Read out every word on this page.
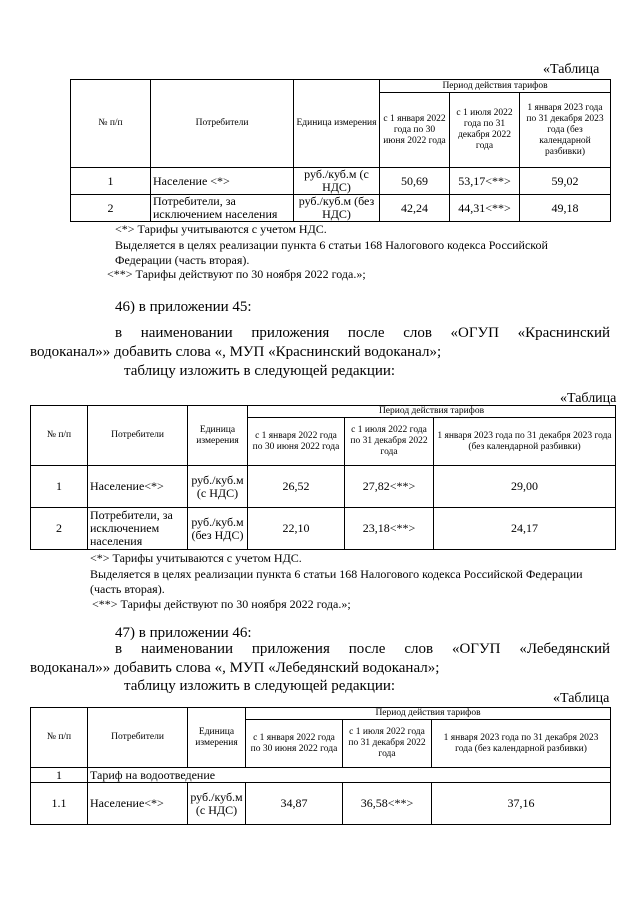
«Таблица
№ п/п	Потребители	Единица измерения	Период действия тарифов		
			с 1 января 2022 года по 30 июня 2022 года	с 1 июля 2022 года по 31 декабря 2022 года	1 января 2023 года по 31 декабря 2023 года (без календарной разбивки)
1	Население <*>	руб./куб.м (с НДС)	50,69	53,17<**>	59,02
2	Потребители, за исключением населения	руб./куб.м (без НДС)	42,24	44,31<**>	49,18
<*> Тарифы учитываются с учетом НДС.
Выделяется в целях реализации пункта 6 статьи 168 Налогового кодекса Российской Федерации (часть вторая).
<**> Тарифы действуют по 30 ноября 2022 года.»;
46) в приложении 45:
в наименовании приложения после слов «ОГУП «Краснинский
водоканал»» добавить слова «, МУП «Краснинский водоканал»;
таблицу изложить в следующей редакции:
«Таблица
№ п/п	Потребители	Единица измерения	Период действия тарифов		
			с 1 января 2022 года по 30 июня 2022 года	с 1 июля 2022 года по 31 декабря 2022 года	1 января 2023 года по 31 декабря 2023 года (без календарной разбивки)
1	Население<*>	руб./куб.м (с НДС)	26,52	27,82<**>	29,00
2	Потребители, за исключением населения	руб./куб.м (без НДС)	22,10	23,18<**>	24,17
<*> Тарифы учитываются с учетом НДС.
Выделяется в целях реализации пункта 6 статьи 168 Налогового кодекса Российской Федерации (часть вторая).
<**> Тарифы действуют по 30 ноября 2022 года.»;
47) в приложении 46:
в наименовании приложения после слов «ОГУП «Лебедянский
водоканал»» добавить слова «, МУП «Лебедянский водоканал»;
таблицу изложить в следующей редакции:
«Таблица
№ п/п	Потребители	Единица измерения	Период действия тарифов		
			с 1 января 2022 года по 30 июня 2022 года	с 1 июля 2022 года по 31 декабря 2022 года	1 января 2023 года по 31 декабря 2023 года (без календарной разбивки)
1	Тариф на водоотведение				
1.1	Население<*>	руб./куб.м (с НДС)	34,87	36,58<**>	37,16
